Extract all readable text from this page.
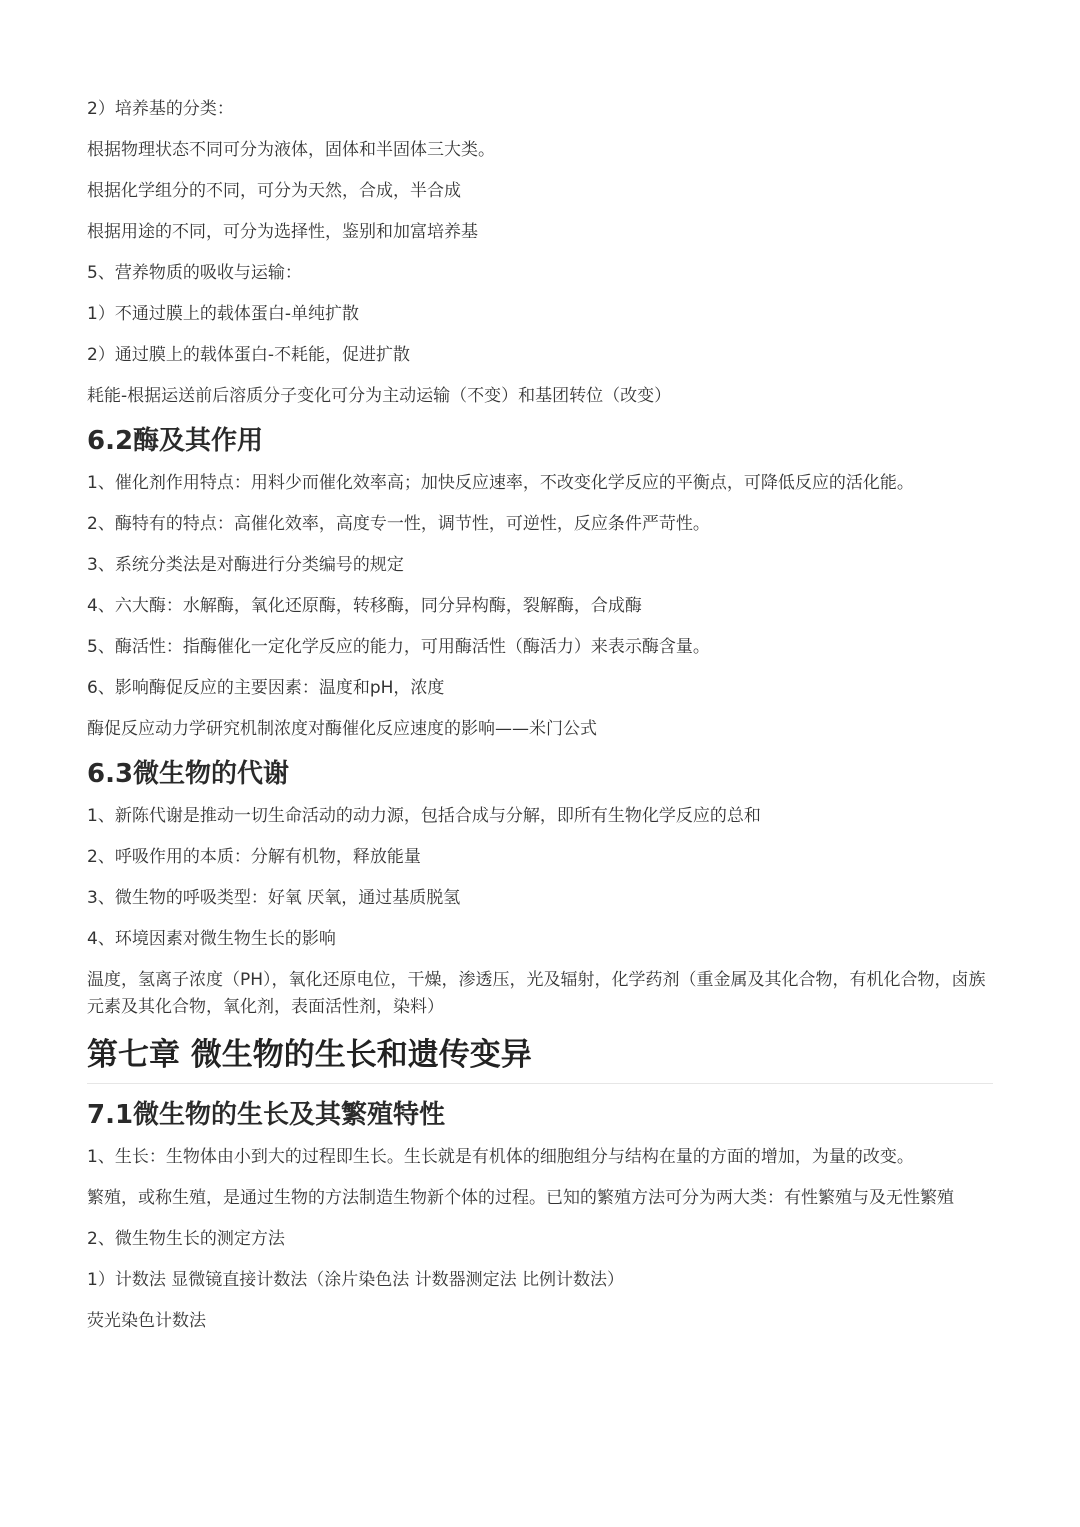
2）培养基的分类：

根据物理状态不同可分为液体，固体和半固体三大类。

根据化学组分的不同，可分为天然，合成，半合成

根据用途的不同，可分为选择性，鉴别和加富培养基

5、营养物质的吸收与运输：

1）不通过膜上的载体蛋白-单纯扩散

2）通过膜上的载体蛋白-不耗能，促进扩散

耗能-根据运送前后溶质分子变化可分为主动运输（不变）和基团转位（改变）

6.2酶及其作用

1、催化剂作用特点：用料少而催化效率高；加快反应速率，不改变化学反应的平衡点，可降低反应的活化能。

2、酶特有的特点：高催化效率，高度专一性，调节性，可逆性，反应条件严苛性。

3、系统分类法是对酶进行分类编号的规定

4、六大酶：水解酶，氧化还原酶，转移酶，同分异构酶，裂解酶，合成酶

5、酶活性：指酶催化一定化学反应的能力，可用酶活性（酶活力）来表示酶含量。

6、影响酶促反应的主要因素：温度和pH，浓度

酶促反应动力学研究机制浓度对酶催化反应速度的影响——米门公式

6.3微生物的代谢

1、新陈代谢是推动一切生命活动的动力源，包括合成与分解，即所有生物化学反应的总和

2、呼吸作用的本质：分解有机物，释放能量

3、微生物的呼吸类型：好氧 厌氧，通过基质脱氢

4、环境因素对微生物生长的影响

温度，氢离子浓度（PH），氧化还原电位，干燥，渗透压，光及辐射，化学药剂（重金属及其化合物，有机化合物，卤族元素及其化合物，氧化剂，表面活性剂，染料）

第七章 微生物的生长和遗传变异
7.1微生物的生长及其繁殖特性

1、生长：生物体由小到大的过程即生长。生长就是有机体的细胞组分与结构在量的方面的增加，为量的改变。

繁殖，或称生殖，是通过生物的方法制造生物新个体的过程。已知的繁殖方法可分为两大类：有性繁殖与及无性繁殖

2、微生物生长的测定方法

1）计数法 显微镜直接计数法（涂片染色法 计数器测定法 比例计数法）

荧光染色计数法
